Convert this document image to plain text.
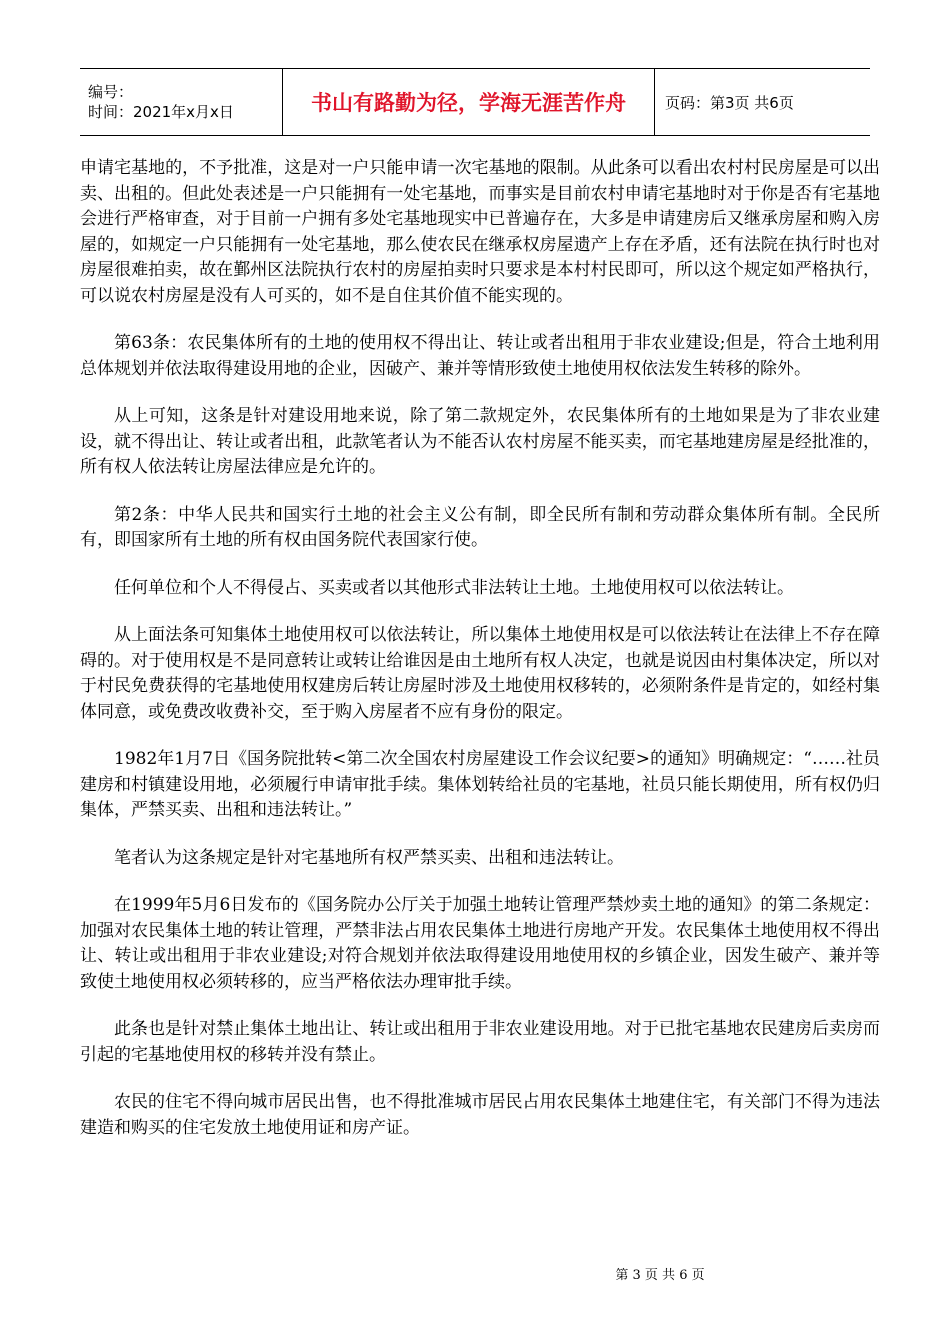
编号：
时间：2021年x月x日	书山有路勤为径，学海无涯苦作舟	页码：第3页 共6页

申请宅基地的，不予批准，这是对一户只能申请一次宅基地的限制。从此条可以看出农村村民房屋是可以出卖、出租的。但此处表述是一户只能拥有一处宅基地，而事实是目前农村申请宅基地时对于你是否有宅基地会进行严格审查，对于目前一户拥有多处宅基地现实中已普遍存在，大多是申请建房后又继承房屋和购入房屋的，如规定一户只能拥有一处宅基地，那么使农民在继承权房屋遗产上存在矛盾，还有法院在执行时也对房屋很难拍卖，故在鄞州区法院执行农村的房屋拍卖时只要求是本村村民即可，所以这个规定如严格执行，可以说农村房屋是没有人可买的，如不是自住其价值不能实现的。

第63条：农民集体所有的土地的使用权不得出让、转让或者出租用于非农业建设;但是，符合土地利用总体规划并依法取得建设用地的企业，因破产、兼并等情形致使土地使用权依法发生转移的除外。

从上可知，这条是针对建设用地来说，除了第二款规定外，农民集体所有的土地如果是为了非农业建设，就不得出让、转让或者出租，此款笔者认为不能否认农村房屋不能买卖，而宅基地建房屋是经批准的，所有权人依法转让房屋法律应是允许的。

第2条：中华人民共和国实行土地的社会主义公有制，即全民所有制和劳动群众集体所有制。全民所有，即国家所有土地的所有权由国务院代表国家行使。

任何单位和个人不得侵占、买卖或者以其他形式非法转让土地。土地使用权可以依法转让。

从上面法条可知集体土地使用权可以依法转让，所以集体土地使用权是可以依法转让在法律上不存在障碍的。对于使用权是不是同意转让或转让给谁因是由土地所有权人决定，也就是说因由村集体决定，所以对于村民免费获得的宅基地使用权建房后转让房屋时涉及土地使用权移转的，必须附条件是肯定的，如经村集体同意，或免费改收费补交，至于购入房屋者不应有身份的限定。

1982年1月7日《国务院批转<第二次全国农村房屋建设工作会议纪要>的通知》明确规定：“……社员建房和村镇建设用地，必须履行申请审批手续。集体划转给社员的宅基地，社员只能长期使用，所有权仍归集体，严禁买卖、出租和违法转让。”

笔者认为这条规定是针对宅基地所有权严禁买卖、出租和违法转让。

在1999年5月6日发布的《国务院办公厅关于加强土地转让管理严禁炒卖土地的通知》的第二条规定：加强对农民集体土地的转让管理，严禁非法占用农民集体土地进行房地产开发。农民集体土地使用权不得出让、转让或出租用于非农业建设;对符合规划并依法取得建设用地使用权的乡镇企业，因发生破产、兼并等致使土地使用权必须转移的，应当严格依法办理审批手续。

此条也是针对禁止集体土地出让、转让或出租用于非农业建设用地。对于已批宅基地农民建房后卖房而引起的宅基地使用权的移转并没有禁止。

农民的住宅不得向城市居民出售，也不得批准城市居民占用农民集体土地建住宅，有关部门不得为违法建造和购买的住宅发放土地使用证和房产证。

第 3 页 共 6 页
